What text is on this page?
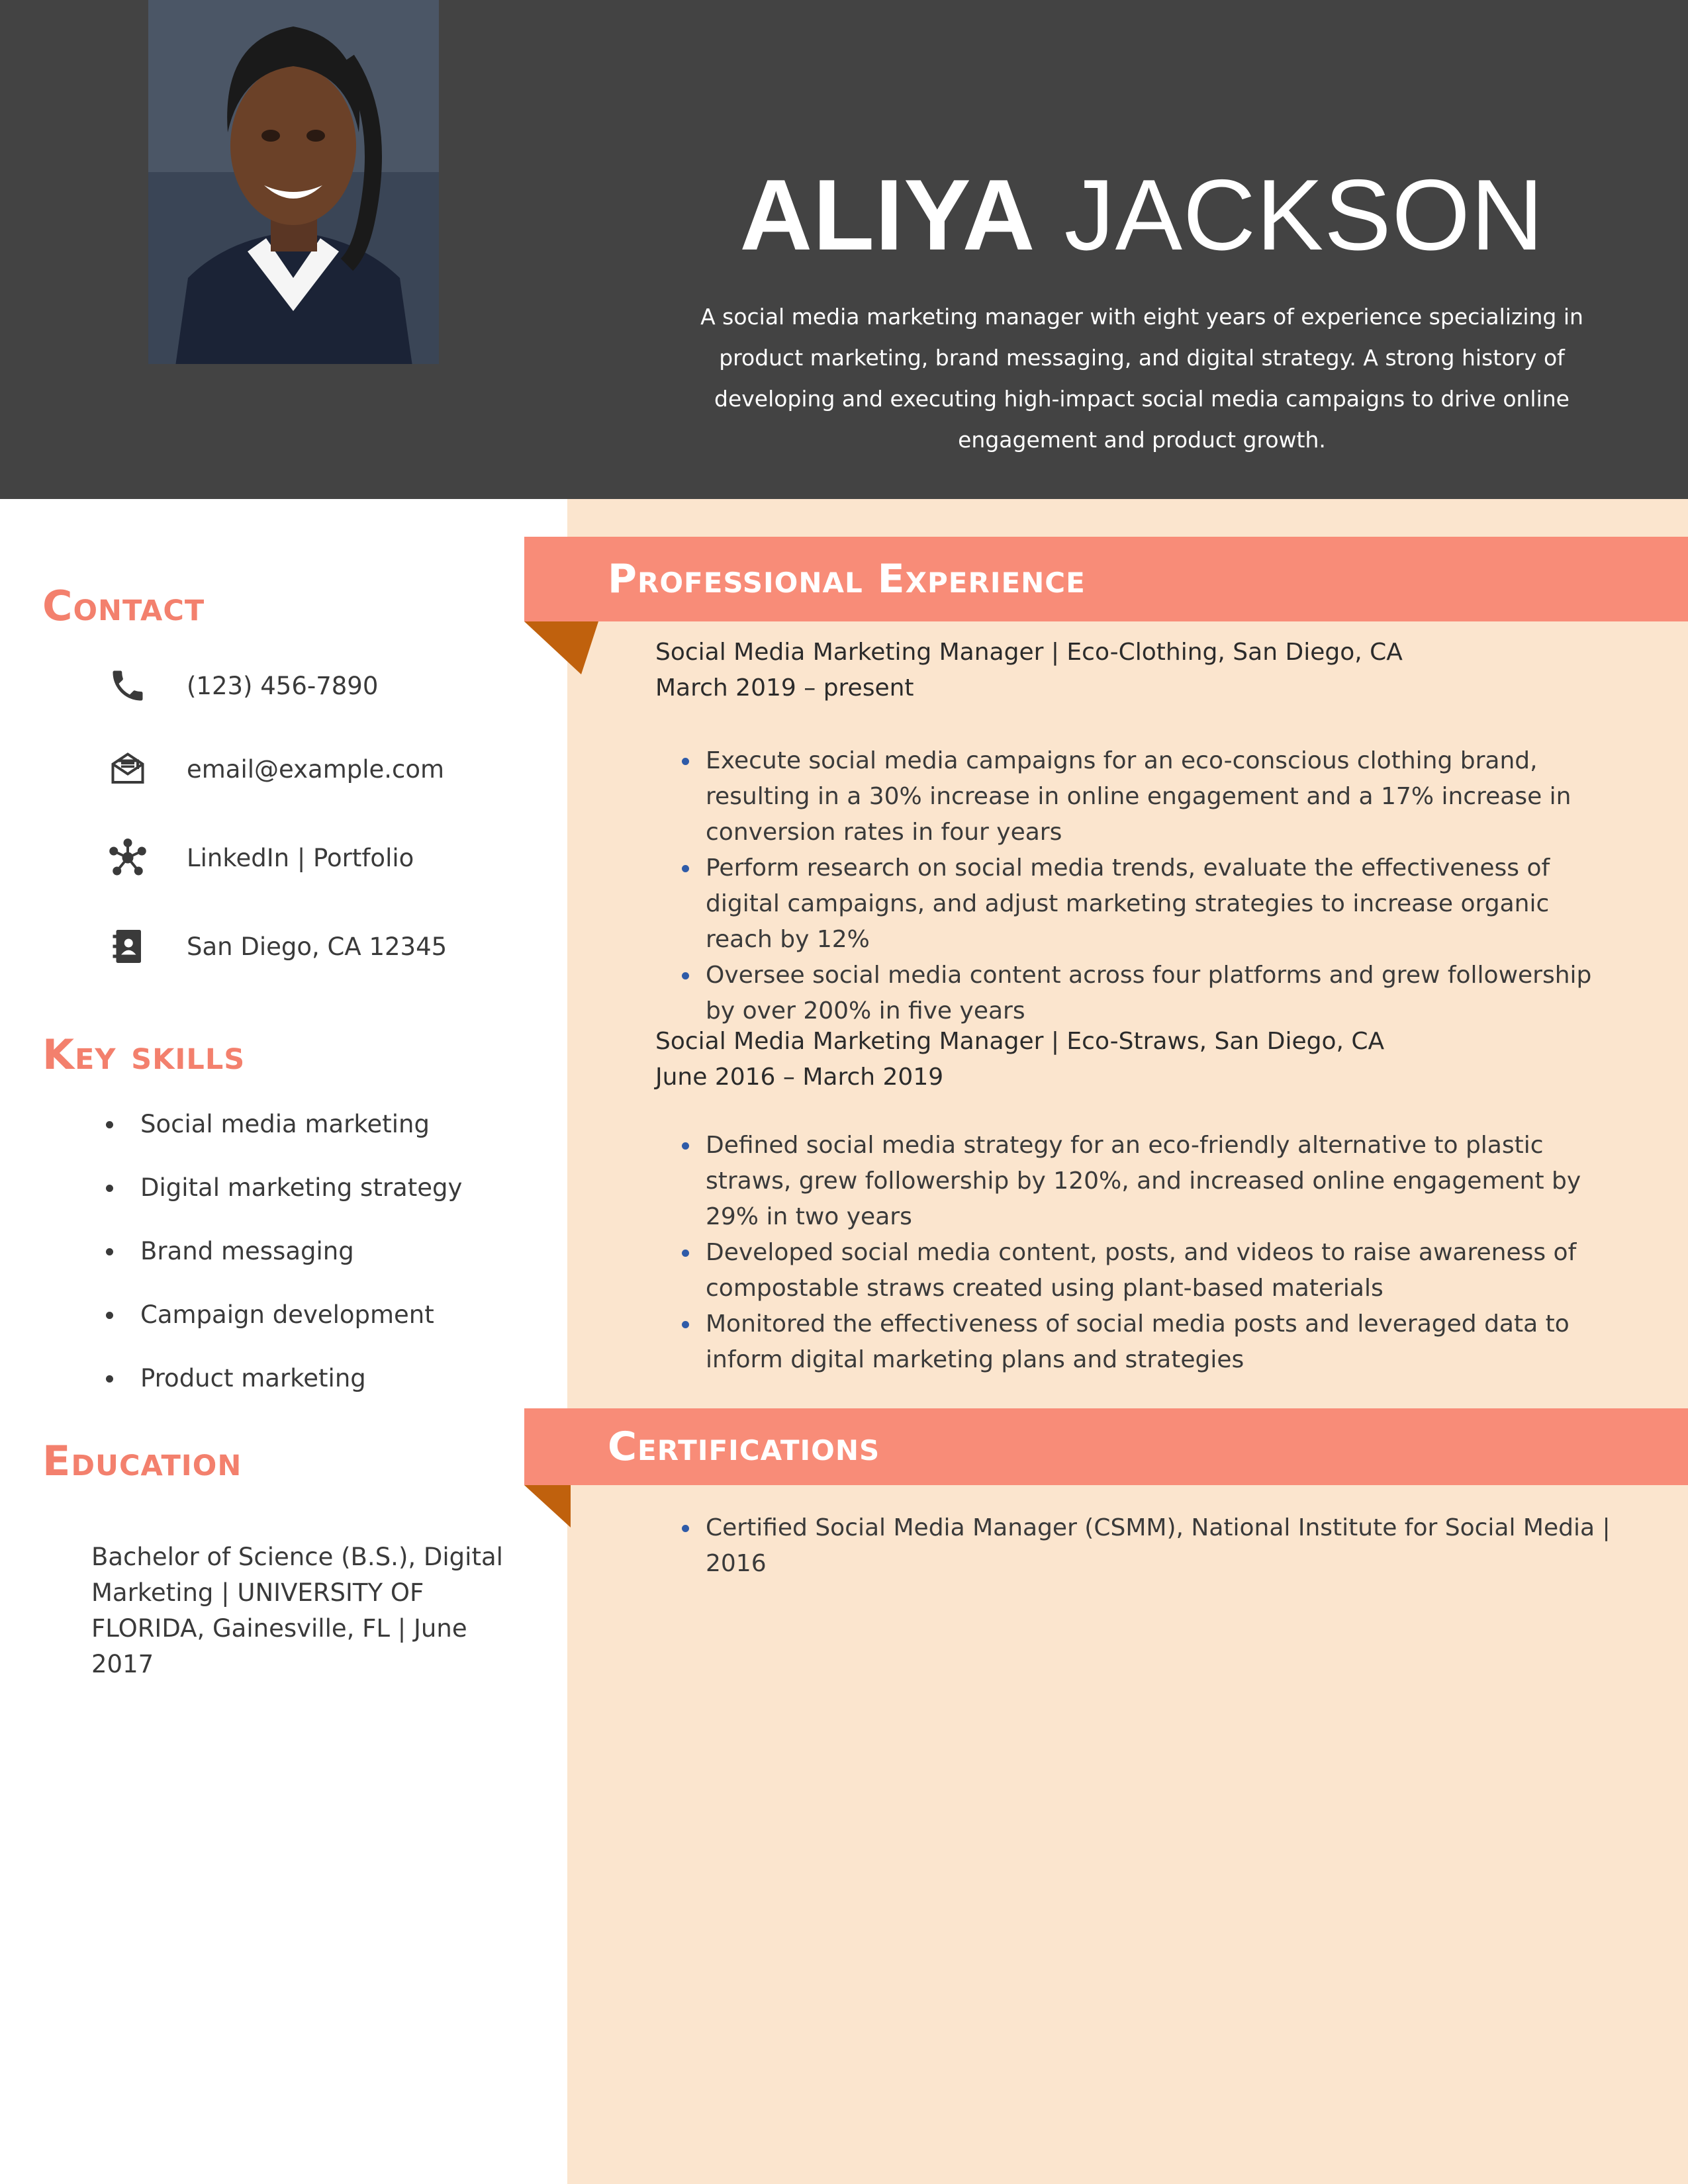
ALIYA JACKSON
A social media marketing manager with eight years of experience specializing in product marketing, brand messaging, and digital strategy. A strong history of developing and executing high-impact social media campaigns to drive online engagement and product growth.
Contact
(123) 456-7890
email@example.com
LinkedIn | Portfolio
San Diego, CA 12345
Key skills
Social media marketing
Digital marketing strategy
Brand messaging
Campaign development
Product marketing
Education
Bachelor of Science (B.S.), Digital Marketing | UNIVERSITY OF FLORIDA, Gainesville, FL | June 2017
Professional Experience
Social Media Marketing Manager | Eco-Clothing, San Diego, CA
March 2019 – present
Execute social media campaigns for an eco-conscious clothing brand, resulting in a 30% increase in online engagement and a 17% increase in conversion rates in four years
Perform research on social media trends, evaluate the effectiveness of digital campaigns, and adjust marketing strategies to increase organic reach by 12%
Oversee social media content across four platforms and grew followership by over 200% in five years
Social Media Marketing Manager | Eco-Straws, San Diego, CA
June 2016 – March 2019
Defined social media strategy for an eco-friendly alternative to plastic straws, grew followership by 120%, and increased online engagement by 29% in two years
Developed social media content, posts, and videos to raise awareness of compostable straws created using plant-based materials
Monitored the effectiveness of social media posts and leveraged data to inform digital marketing plans and strategies
Certifications
Certified Social Media Manager (CSMM), National Institute for Social Media | 2016
